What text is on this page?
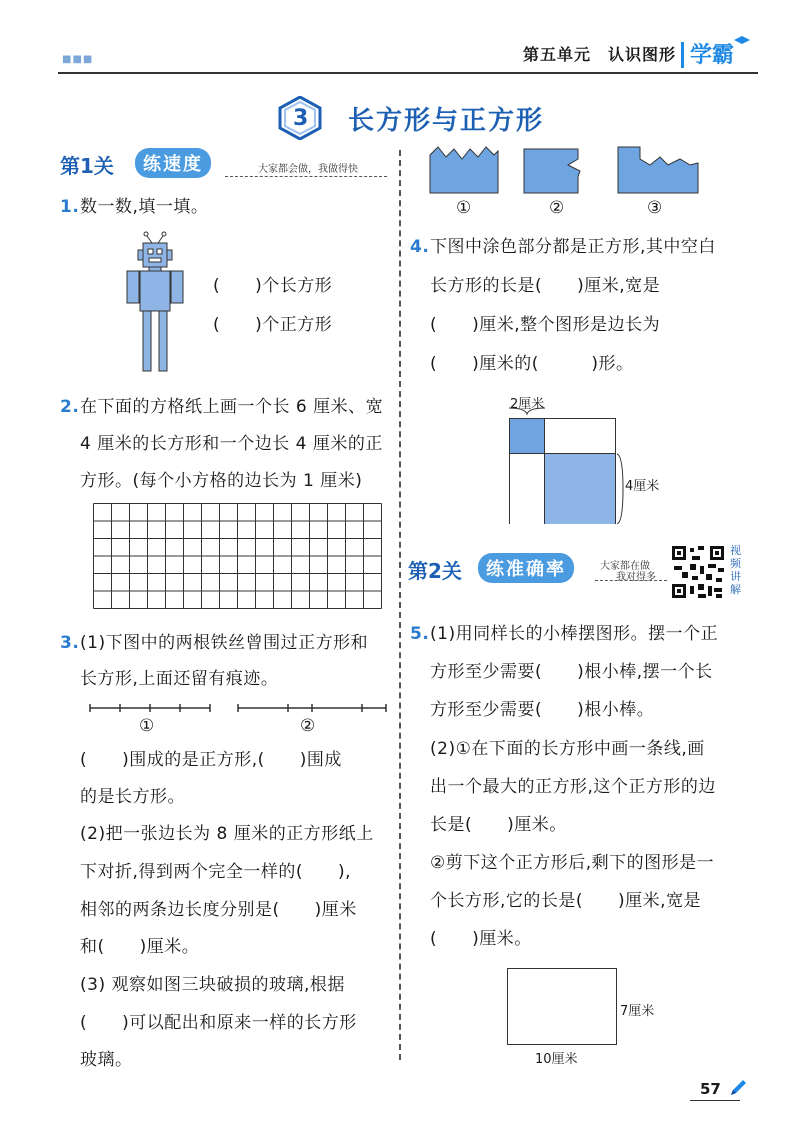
■■■	第五单元　认识图形 学霸
3 长方形与正方形
第1关	练速度	大家都会做，我做得快
1. 数一数,填一填。
(　　)个长方形
(　　)个正方形
2. 在下面的方格纸上画一个长 6 厘米、宽
4 厘米的长方形和一个边长 4 厘米的正
方形。(每个小方格的边长为 1 厘米)
3. (1)下图中的两根铁丝曾围过正方形和
长方形,上面还留有痕迹。
①	②
(　　)围成的是正方形,(　　)围成
的是长方形。
(2)把一张边长为 8 厘米的正方形纸上
下对折,得到两个完全一样的(　　),
相邻的两条边长度分别是(　　)厘米
和(　　)厘米。
(3) 观察如图三块破损的玻璃,根据
(　　)可以配出和原来一样的长方形
玻璃。
①	②	③
4. 下图中涂色部分都是正方形,其中空白
长方形的长是(　　)厘米,宽是
(　　)厘米,整个图形是边长为
(　　)厘米的(　　　)形。
2厘米
4厘米
第2关	练准确率	大家都在做
我对得多
视
频
讲
解
5. (1)用同样长的小棒摆图形。摆一个正
方形至少需要(　　)根小棒,摆一个长
方形至少需要(　　)根小棒。
(2)①在下面的长方形中画一条线,画
出一个最大的正方形,这个正方形的边
长是(　　)厘米。
②剪下这个正方形后,剩下的图形是一
个长方形,它的长是(　　)厘米,宽是
(　　)厘米。
7厘米
10厘米
57
